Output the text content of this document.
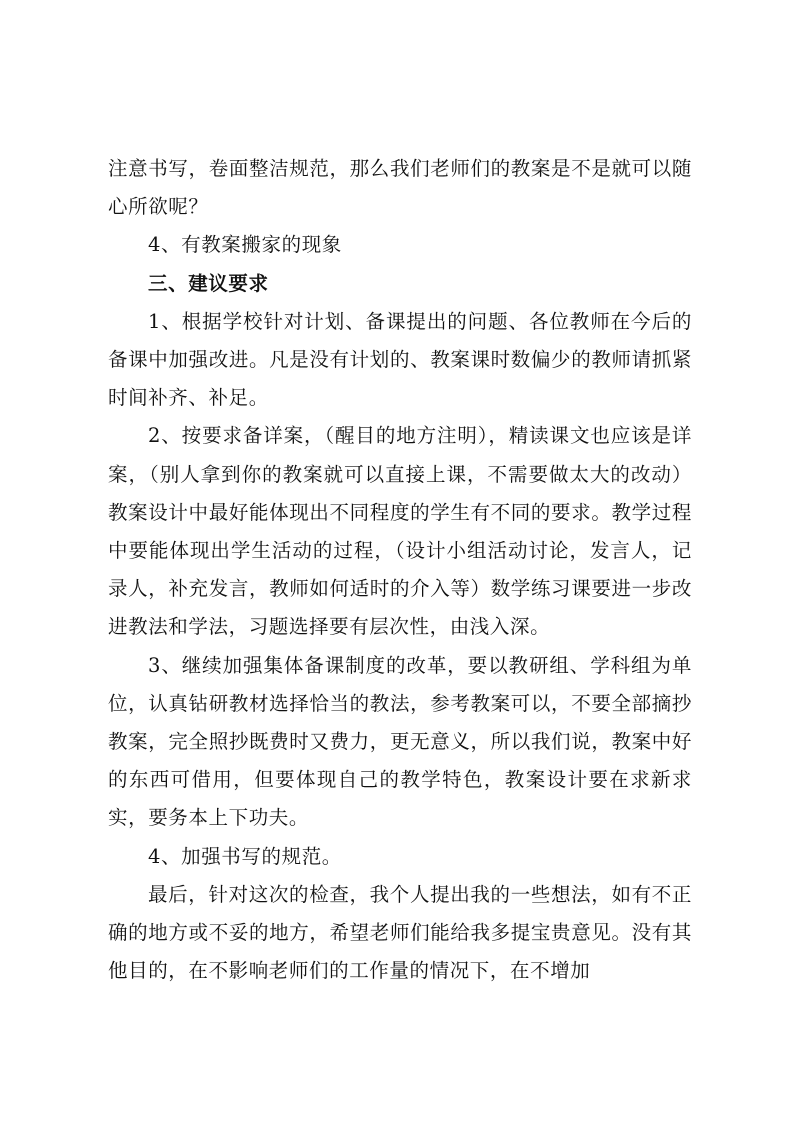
注意书写，卷面整洁规范，那么我们老师们的教案是不是就可以随心所欲呢？

4、有教案搬家的现象

三、建议要求

1、根据学校针对计划、备课提出的问题、各位教师在今后的备课中加强改进。凡是没有计划的、教案课时数偏少的教师请抓紧时间补齐、补足。

2、按要求备详案，（醒目的地方注明），精读课文也应该是详案，（别人拿到你的教案就可以直接上课，不需要做太大的改动）教案设计中最好能体现出不同程度的学生有不同的要求。教学过程中要能体现出学生活动的过程，（设计小组活动讨论，发言人，记录人，补充发言，教师如何适时的介入等）数学练习课要进一步改进教法和学法，习题选择要有层次性，由浅入深。

3、继续加强集体备课制度的改革，要以教研组、学科组为单位，认真钻研教材选择恰当的教法，参考教案可以，不要全部摘抄教案，完全照抄既费时又费力，更无意义，所以我们说，教案中好的东西可借用，但要体现自己的教学特色，教案设计要在求新求实，要务本上下功夫。

4、加强书写的规范。

最后，针对这次的检查，我个人提出我的一些想法，如有不正确的地方或不妥的地方，希望老师们能给我多提宝贵意见。没有其他目的，在不影响老师们的工作量的情况下，在不增加
